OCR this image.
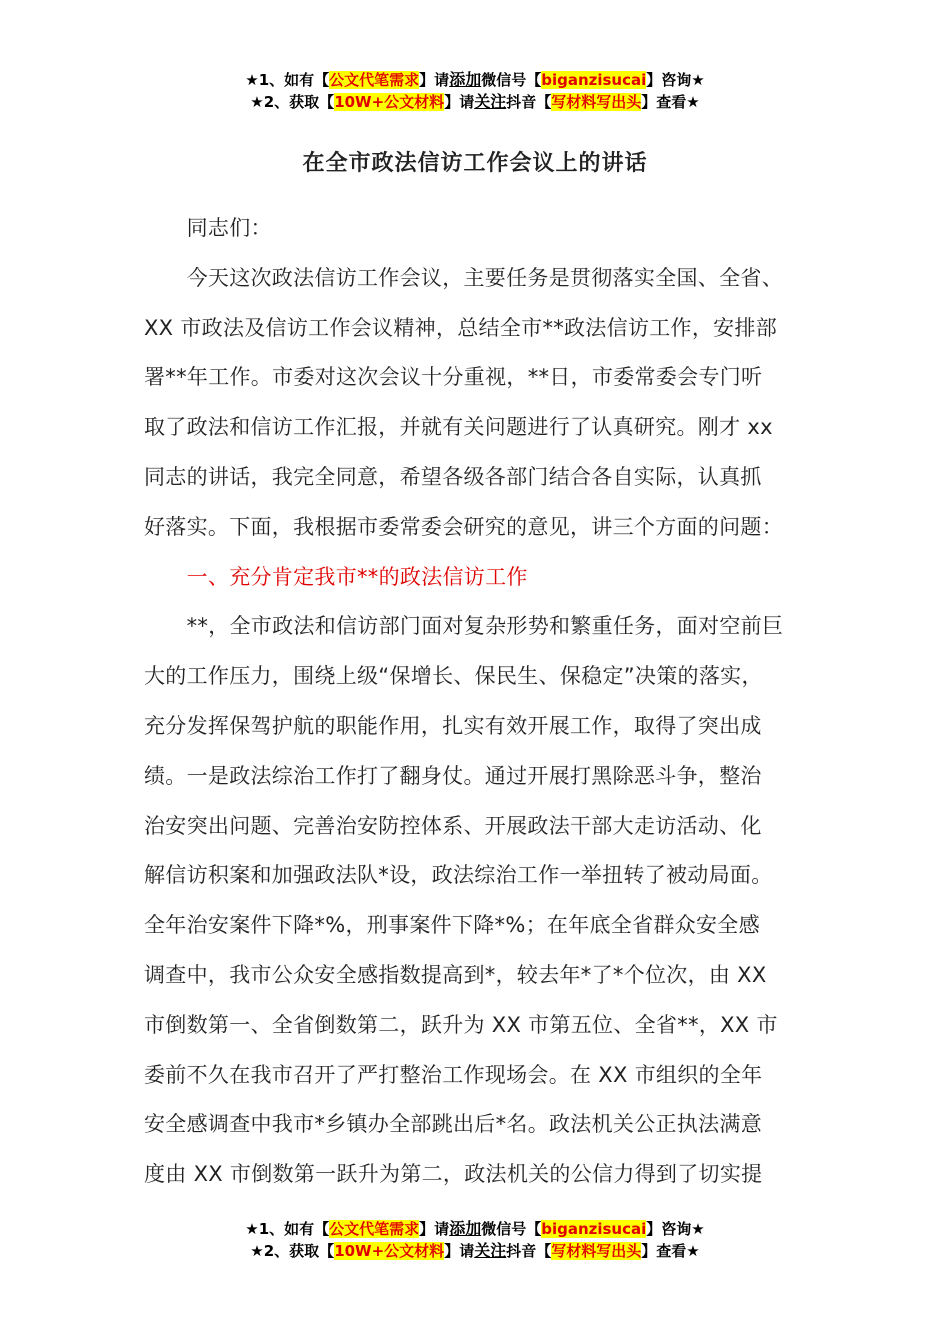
★1、如有【公文代笔需求】请添加微信号【biganzisucai】咨询★
★2、获取【10W+公文材料】请关注抖音【写材料写出头】查看★
在全市政法信访工作会议上的讲话
　　同志们：
　　今天这次政法信访工作会议，主要任务是贯彻落实全国、全省、
XX 市政法及信访工作会议精神，总结全市**政法信访工作，安排部
署**年工作。市委对这次会议十分重视，**日，市委常委会专门听
取了政法和信访工作汇报，并就有关问题进行了认真研究。刚才 xx
同志的讲话，我完全同意，希望各级各部门结合各自实际，认真抓
好落实。下面，我根据市委常委会研究的意见，讲三个方面的问题：
　　一、充分肯定我市**的政法信访工作
　　**，全市政法和信访部门面对复杂形势和繁重任务，面对空前巨
大的工作压力，围绕上级“保增长、保民生、保稳定”决策的落实，
充分发挥保驾护航的职能作用，扎实有效开展工作，取得了突出成
绩。一是政法综治工作打了翻身仗。通过开展打黑除恶斗争，整治
治安突出问题、完善治安防控体系、开展政法干部大走访活动、化
解信访积案和加强政法队*设，政法综治工作一举扭转了被动局面。
全年治安案件下降*%，刑事案件下降*%；在年底全省群众安全感
调查中，我市公众安全感指数提高到*，较去年*了*个位次，由 XX
市倒数第一、全省倒数第二，跃升为 XX 市第五位、全省**，XX 市
委前不久在我市召开了严打整治工作现场会。在 XX 市组织的全年
安全感调查中我市*乡镇办全部跳出后*名。政法机关公正执法满意
度由 XX 市倒数第一跃升为第二，政法机关的公信力得到了切实提
★1、如有【公文代笔需求】请添加微信号【biganzisucai】咨询★
★2、获取【10W+公文材料】请关注抖音【写材料写出头】查看★
